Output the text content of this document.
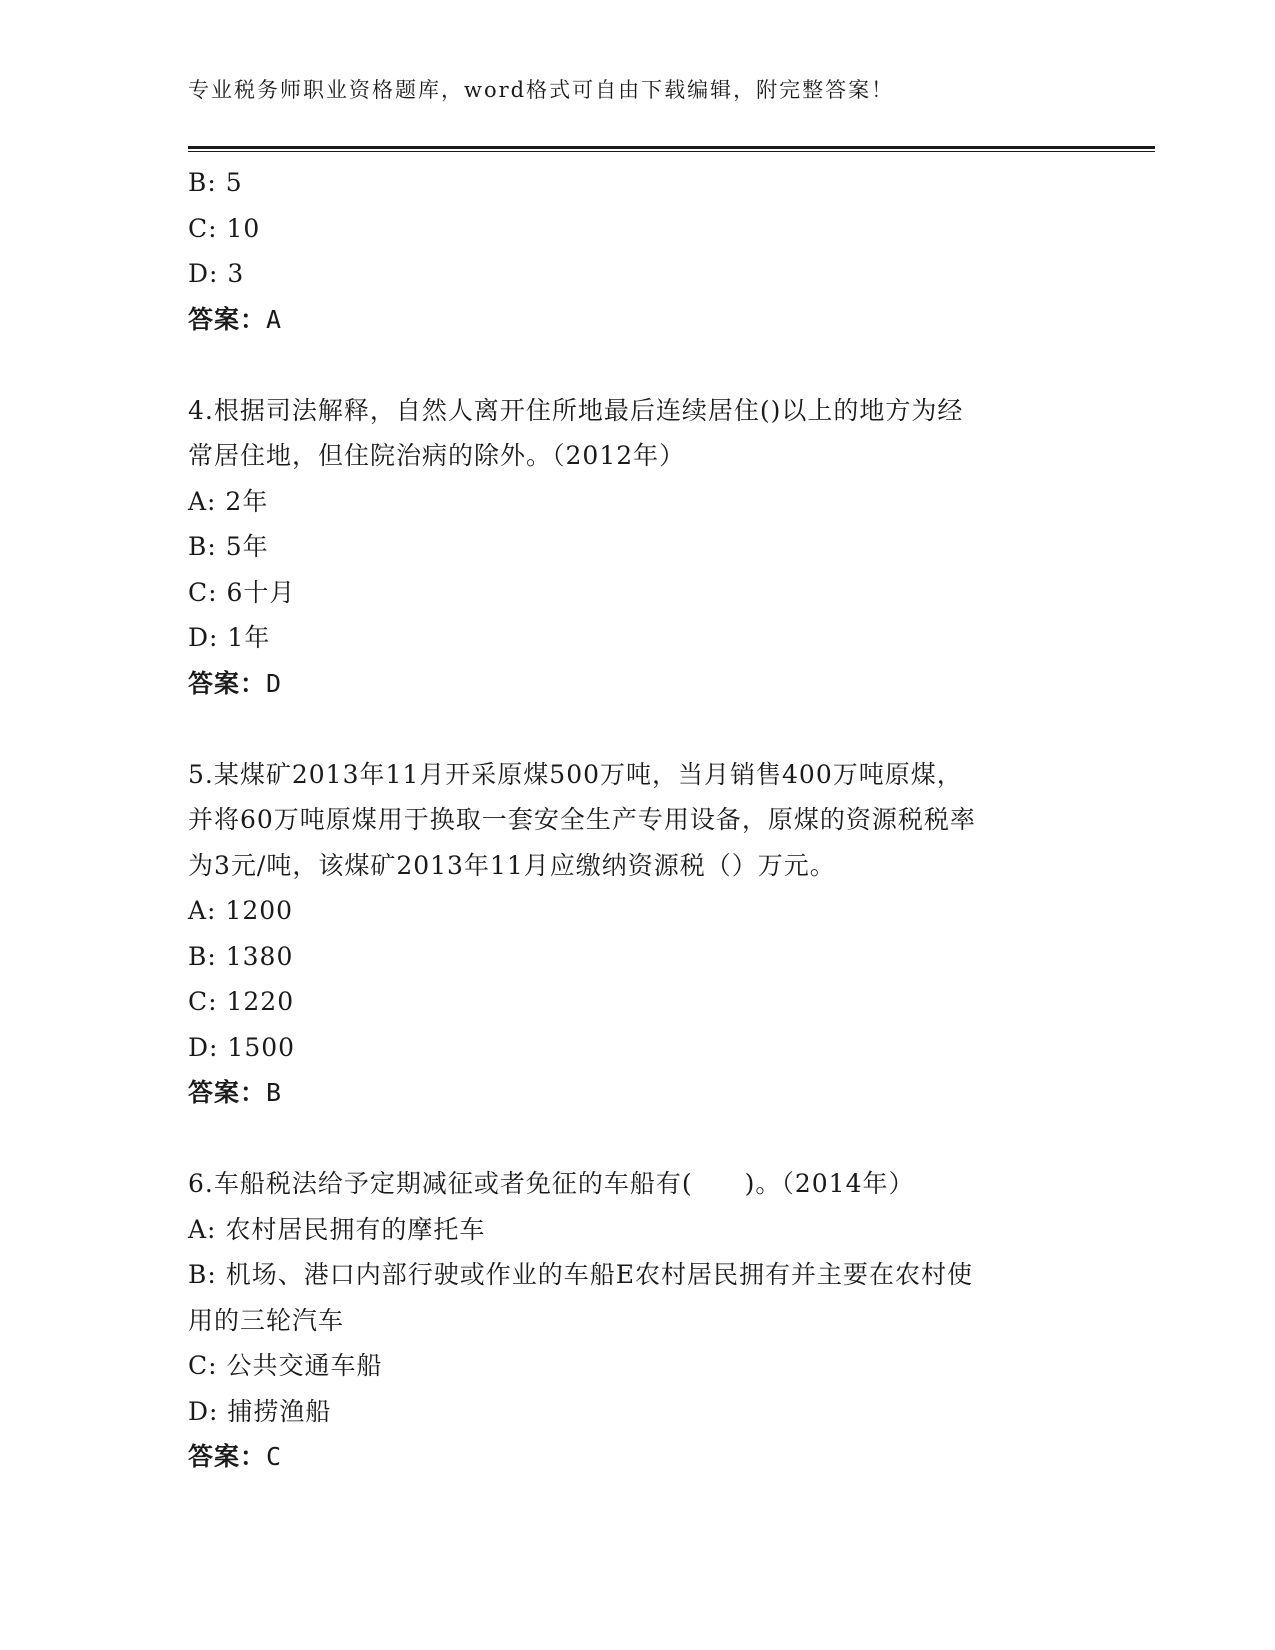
专业税务师职业资格题库，word格式可自由下载编辑，附完整答案！
B: 5
C: 10
D: 3
答案：A
4.根据司法解释，自然人离开住所地最后连续居住()以上的地方为经
常居住地，但住院治病的除外。（2012年）
A: 2年
B: 5年
C: 6十月
D: 1年
答案：D
5.某煤矿2013年11月开采原煤500万吨，当月销售400万吨原煤，
并将60万吨原煤用于换取一套安全生产专用设备，原煤的资源税税率
为3元/吨，该煤矿2013年11月应缴纳资源税（）万元。
A: 1200
B: 1380
C: 1220
D: 1500
答案：B
6.车船税法给予定期减征或者免征的车船有(　　)。（2014年）
A: 农村居民拥有的摩托车
B: 机场、港口内部行驶或作业的车船E农村居民拥有并主要在农村使
用的三轮汽车
C: 公共交通车船
D: 捕捞渔船
答案：C
